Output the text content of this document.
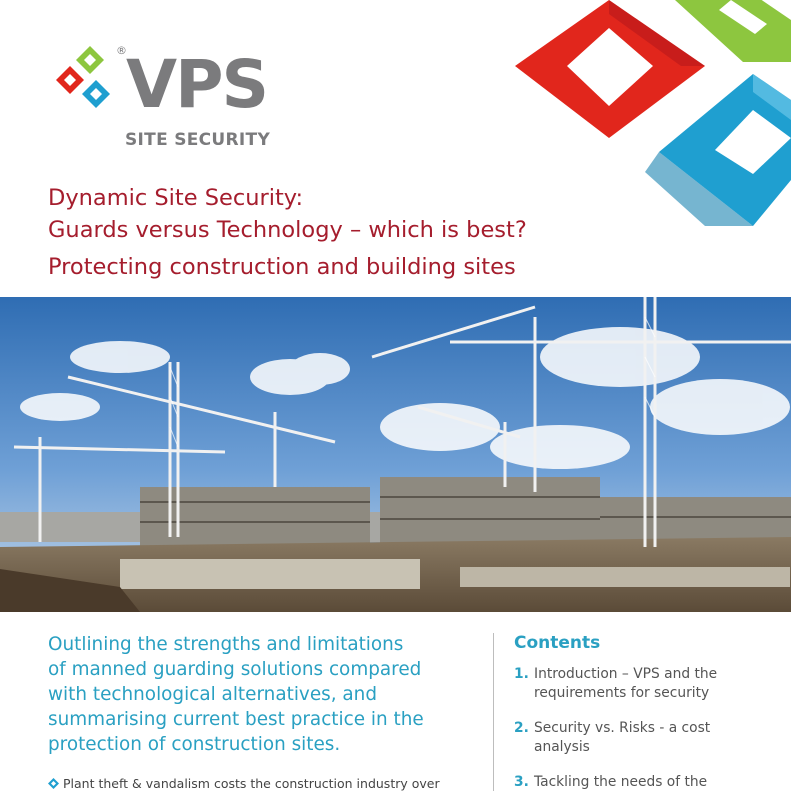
® VPS
SITE SECURITY
Dynamic Site Security:
Guards versus Technology – which is best?
Protecting construction and building sites
Outlining the strengths and limitations
of manned guarding solutions compared
with technological alternatives, and
summarising current best practice in the
protection of construction sites.
Plant theft & vandalism costs the construction industry over
Contents
1. Introduction – VPS and the
requirements for security
2. Security vs. Risks - a cost
analysis
3. Tackling the needs of the
